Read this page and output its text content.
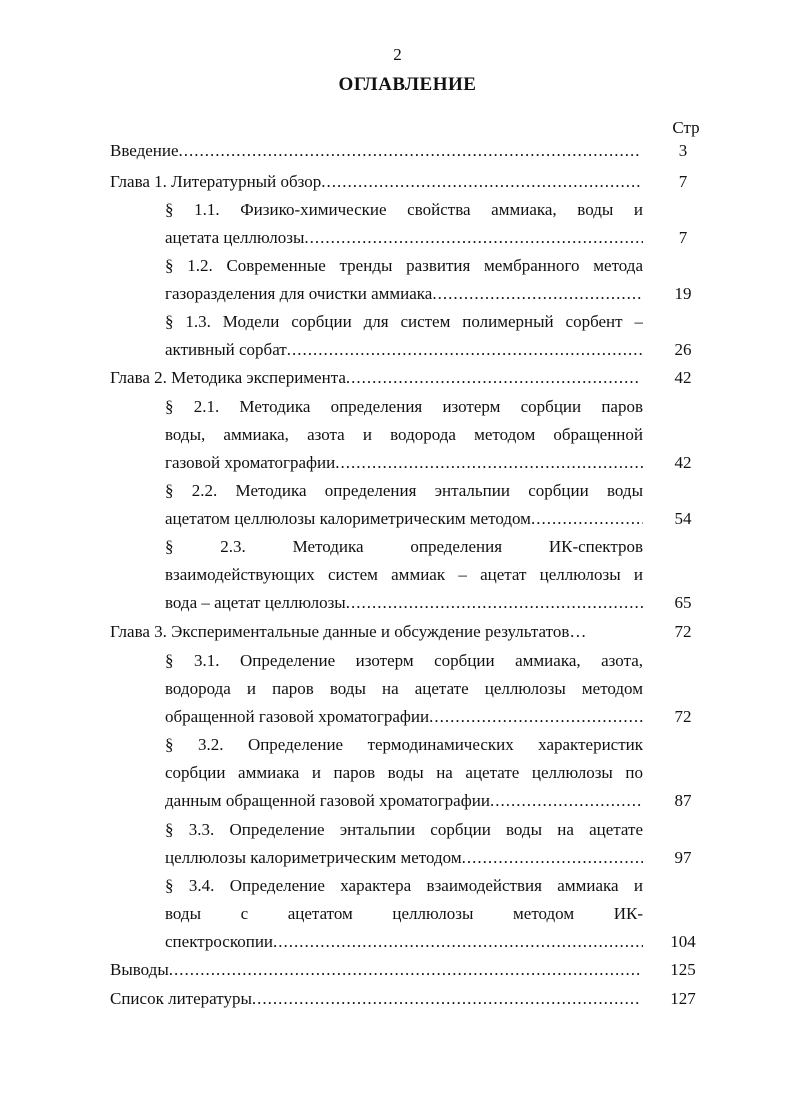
2
ОГЛАВЛЕНИЕ
Стр
Введение .....	3
Глава 1. Литературный обзор .....	7
§ 1.1. Физико-химические свойства аммиака, воды и
ацетата целлюлозы .....	7
§ 1.2. Современные тренды развития мембранного метода
газоразделения для очистки аммиака .....	19
§ 1.3. Модели сорбции для систем полимерный сорбент –
активный сорбат .....	26
Глава 2. Методика эксперимента .....	42
§ 2.1. Методика определения изотерм сорбции паров
воды, аммиака, азота и водорода методом обращенной
газовой хроматографии .....	42
§ 2.2. Методика определения энтальпии сорбции воды
ацетатом целлюлозы калориметрическим методом .....	54
§ 2.3. Методика определения ИК-спектров
взаимодействующих систем аммиак – ацетат целлюлозы и
вода – ацетат целлюлозы .....	65
Глава 3. Экспериментальные данные и обсуждение результатов…	72
§ 3.1. Определение изотерм сорбции аммиака, азота,
водорода и паров воды на ацетате целлюлозы методом
обращенной газовой хроматографии .....	72
§ 3.2. Определение термодинамических характеристик
сорбции аммиака и паров воды на ацетате целлюлозы по
данным обращенной газовой хроматографии .....	87
§ 3.3. Определение энтальпии сорбции воды на ацетате
целлюлозы калориметрическим методом .....	97
§ 3.4. Определение характера взаимодействия аммиака и
воды с ацетатом целлюлозы методом ИК-
спектроскопии .....	104
Выводы .....	125
Список литературы .....	127
